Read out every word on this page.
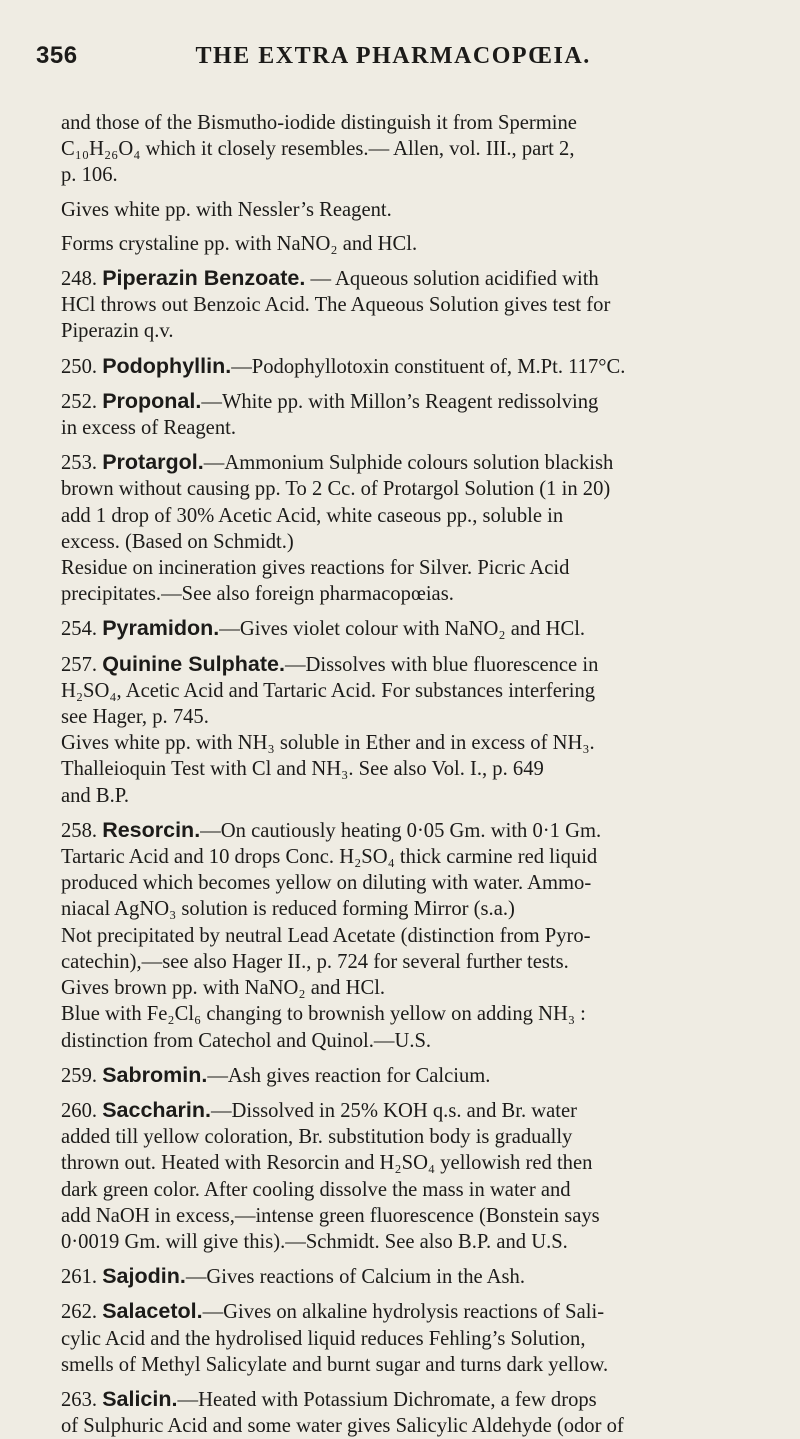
356	THE EXTRA PHARMACOPŒIA.
and those of the Bismutho-iodide distinguish it from Spermine
C₁₀H₂₆O₄ which it closely resembles.— Allen, vol. III., part 2,
p. 106.
Gives white pp. with Nessler’s Reagent.
Forms crystaline pp. with NaNO₂ and HCl.
248. Piperazin Benzoate. — Aqueous solution acidified with
HCl throws out Benzoic Acid. The Aqueous Solution gives test for
Piperazin q.v.
250. Podophyllin.—Podophyllotoxin constituent of, M.Pt. 117°C.
252. Proponal.—White pp. with Millon’s Reagent redissolving
in excess of Reagent.
253. Protargol.—Ammonium Sulphide colours solution blackish
brown without causing pp. To 2 Cc. of Protargol Solution (1 in 20)
add 1 drop of 30% Acetic Acid, white caseous pp., soluble in
excess. (Based on Schmidt.)
Residue on incineration gives reactions for Silver. Picric Acid
precipitates.—See also foreign pharmacopœias.
254. Pyramidon.—Gives violet colour with NaNO₂ and HCl.
257. Quinine Sulphate.—Dissolves with blue fluorescence in
H₂SO₄, Acetic Acid and Tartaric Acid. For substances interfering
see Hager, p. 745.
Gives white pp. with NH₃ soluble in Ether and in excess of NH₃.
Thalleioquin Test with Cl and NH₃. See also Vol. I., p. 649
and B.P.
258. Resorcin.—On cautiously heating 0·05 Gm. with 0·1 Gm.
Tartaric Acid and 10 drops Conc. H₂SO₄ thick carmine red liquid
produced which becomes yellow on diluting with water. Ammo-
niacal AgNO₃ solution is reduced forming Mirror (s.a.)
Not precipitated by neutral Lead Acetate (distinction from Pyro-
catechin),—see also Hager II., p. 724 for several further tests.
Gives brown pp. with NaNO₂ and HCl.
Blue with Fe₂Cl₆ changing to brownish yellow on adding NH₃ :
distinction from Catechol and Quinol.—U.S.
259. Sabromin.—Ash gives reaction for Calcium.
260. Saccharin.—Dissolved in 25% KOH q.s. and Br. water
added till yellow coloration, Br. substitution body is gradually
thrown out. Heated with Resorcin and H₂SO₄ yellowish red then
dark green color. After cooling dissolve the mass in water and
add NaOH in excess,—intense green fluorescence (Bonstein says
0·0019 Gm. will give this).—Schmidt. See also B.P. and U.S.
261. Sajodin.—Gives reactions of Calcium in the Ash.
262. Salacetol.—Gives on alkaline hydrolysis reactions of Sali-
cylic Acid and the hydrolised liquid reduces Fehling’s Solution,
smells of Methyl Salicylate and burnt sugar and turns dark yellow.
263. Salicin.—Heated with Potassium Dichromate, a few drops
of Sulphuric Acid and some water gives Salicylic Aldehyde (odor of
